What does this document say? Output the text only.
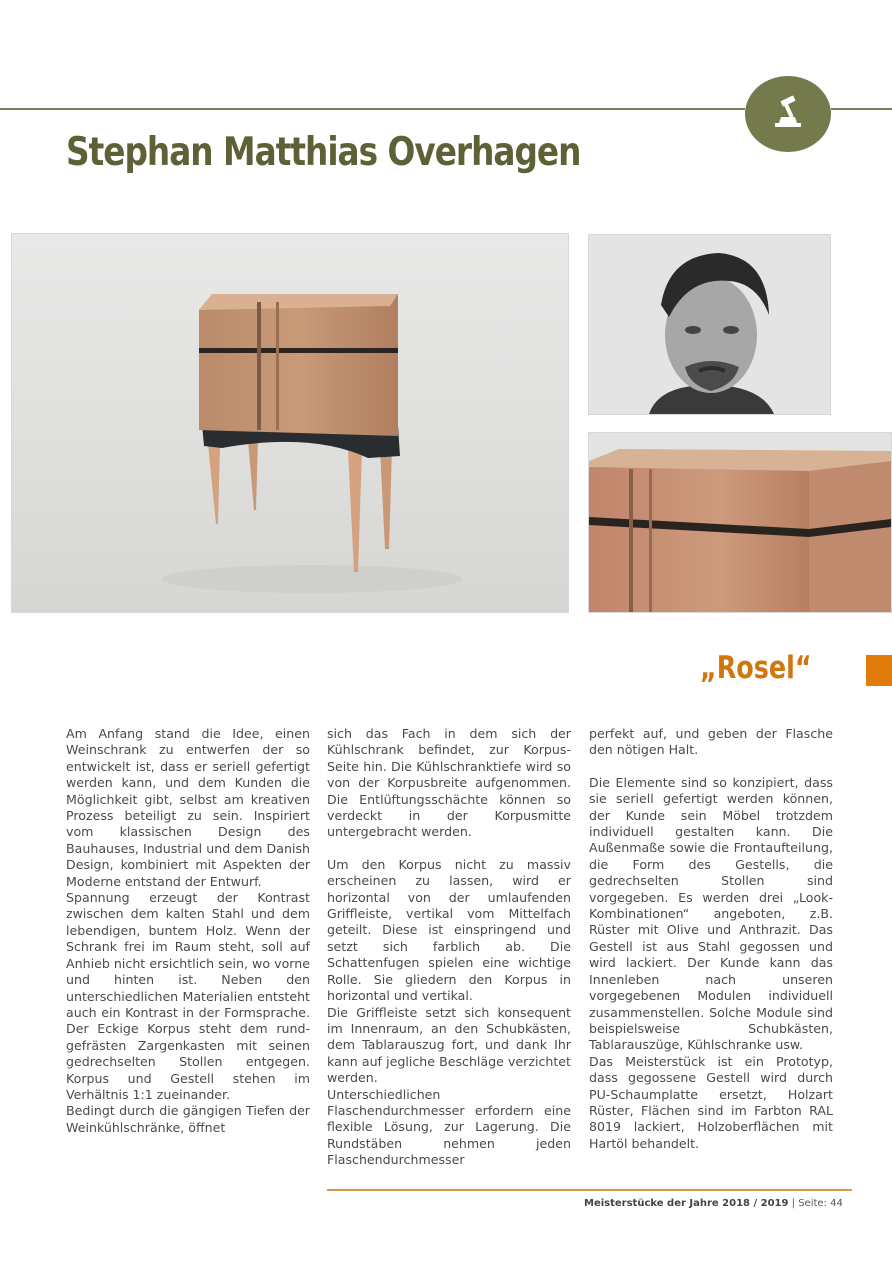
Stephan Matthias Overhagen
„Rosel“

Am Anfang stand die Idee, einen Weinschrank zu entwerfen der so entwickelt ist, dass er seriell gefertigt werden kann, und dem Kunden die Möglichkeit gibt, selbst am kreativen Prozess beteiligt zu sein. Inspiriert vom klassischen Design des Bauhauses, Industrial und dem Danish Design, kombiniert mit Aspekten der Moderne entstand der Entwurf.

Spannung erzeugt der Kontrast zwischen dem kalten Stahl und dem lebendigen, buntem Holz. Wenn der Schrank frei im Raum steht, soll auf Anhieb nicht ersichtlich sein, wo vorne und hinten ist. Neben den unterschiedlichen Materialien entsteht auch ein Kontrast in der Formsprache. Der Eckige Korpus steht dem rund-gefrästen Zargenkasten mit seinen gedrechselten Stollen entgegen. Korpus und Gestell stehen im Verhältnis 1:1 zueinander.

Bedingt durch die gängigen Tiefen der Weinkühlschränke, öffnet

sich das Fach in dem sich der Kühlschrank befindet, zur Korpus-Seite hin. Die Kühlschranktiefe wird so von der Korpusbreite aufgenommen. Die Entlüftungsschächte können so verdeckt in der Korpusmitte untergebracht werden.

Um den Korpus nicht zu massiv erscheinen zu lassen, wird er horizontal von der umlaufenden Griffleiste, vertikal vom Mittelfach geteilt. Diese ist einspringend und setzt sich farblich ab. Die Schattenfugen spielen eine wichtige Rolle. Sie gliedern den Korpus in horizontal und vertikal.

Die Griffleiste setzt sich konsequent im Innenraum, an den Schubkästen, dem Tablarauszug fort, und dank Ihr kann auf jegliche Beschläge verzichtet werden.

Unterschiedlichen Flaschendurchmesser erfordern eine flexible Lösung, zur Lagerung. Die Rundstäben nehmen jeden Flaschendurchmesser

perfekt auf, und geben der Flasche den nötigen Halt.

Die Elemente sind so konzipiert, dass sie seriell gefertigt werden können, der Kunde sein Möbel trotzdem individuell gestalten kann. Die Außenmaße sowie die Frontaufteilung, die Form des Gestells, die gedrechselten Stollen sind vorgegeben. Es werden drei „Look-Kombinationen“ angeboten, z.B. Rüster mit Olive und Anthrazit. Das Gestell ist aus Stahl gegossen und wird lackiert. Der Kunde kann das Innenleben nach unseren vorgegebenen Modulen individuell zusammenstellen. Solche Module sind beispielsweise Schubkästen, Tablarauszüge, Kühlschranke usw.

Das Meisterstück ist ein Prototyp, dass gegossene Gestell wird durch PU-Schaumplatte ersetzt, Holzart Rüster, Flächen sind im Farbton RAL 8019 lackiert, Holzoberflächen mit Hartöl behandelt.

Meisterstücke der Jahre 2018 / 2019 | Seite: 44
